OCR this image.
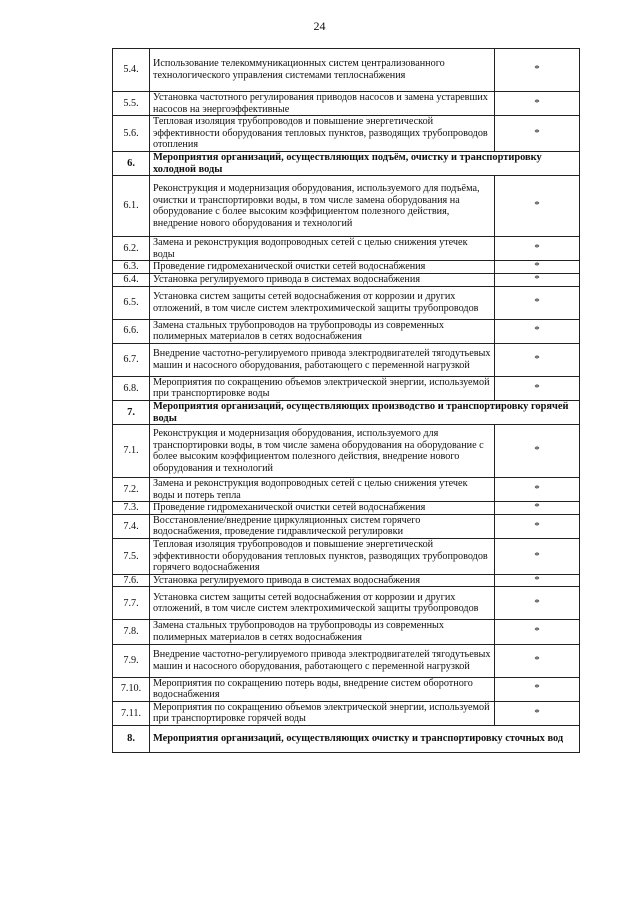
24
5.4.	Использование телекоммуникационных систем централизованного технологического управления системами теплоснабжения	*
5.5.	Установка частотного регулирования приводов насосов и замена устаревших насосов на энергоэффективные	*
5.6.	Тепловая изоляция трубопроводов и повышение энергетической эффективности оборудования тепловых пунктов, разводящих трубопроводов отопления	*
6.	Мероприятия организаций, осуществляющих подъём, очистку и транспортировку холодной воды	
6.1.	Реконструкция и модернизация оборудования, используемого для подъёма, очистки и транспортировки воды, в том числе замена оборудования на оборудование с более высоким коэффициентом полезного действия, внедрение нового оборудования и технологий	*
6.2.	Замена и реконструкция водопроводных сетей с целью снижения утечек воды	*
6.3.	Проведение гидромеханической очистки сетей водоснабжения	*
6.4.	Установка регулируемого привода в системах водоснабжения	*
6.5.	Установка систем защиты сетей водоснабжения от коррозии и других отложений, в том числе систем электрохимической защиты трубопроводов	*
6.6.	Замена стальных трубопроводов на трубопроводы из современных полимерных материалов в сетях водоснабжения	*
6.7.	Внедрение частотно-регулируемого привода электродвигателей тягодутьевых машин и насосного оборудования, работающего с переменной нагрузкой	*
6.8.	Мероприятия по сокращению объемов электрической энергии, используемой при транспортировке воды	*
7.	Мероприятия организаций, осуществляющих производство и транспортировку горячей воды	
7.1.	Реконструкция и модернизация оборудования, используемого для транспортировки воды, в том числе замена оборудования на оборудование с более высоким коэффициентом полезного действия, внедрение нового оборудования и технологий	*
7.2.	Замена и реконструкция водопроводных сетей с целью снижения утечек воды и потерь тепла	*
7.3.	Проведение гидромеханической очистки сетей водоснабжения	*
7.4.	Восстановление/внедрение циркуляционных систем горячего водоснабжения, проведение гидравлической регулировки	*
7.5.	Тепловая изоляция трубопроводов и повышение энергетической эффективности оборудования тепловых пунктов, разводящих трубопроводов горячего водоснабжения	*
7.6.	Установка регулируемого привода в системах водоснабжения	*
7.7.	Установка систем защиты сетей водоснабжения от коррозии и других отложений, в том числе систем электрохимической защиты трубопроводов	*
7.8.	Замена стальных трубопроводов на трубопроводы из современных полимерных материалов в сетях водоснабжения	*
7.9.	Внедрение частотно-регулируемого привода электродвигателей тягодутьевых машин и насосного оборудования, работающего с переменной нагрузкой	*
7.10.	Мероприятия по сокращению потерь воды, внедрение систем оборотного водоснабжения	*
7.11.	Мероприятия по сокращению объемов электрической энергии, используемой при транспортировке горячей воды	*
8.	Мероприятия организаций, осуществляющих очистку и транспортировку сточных вод	
